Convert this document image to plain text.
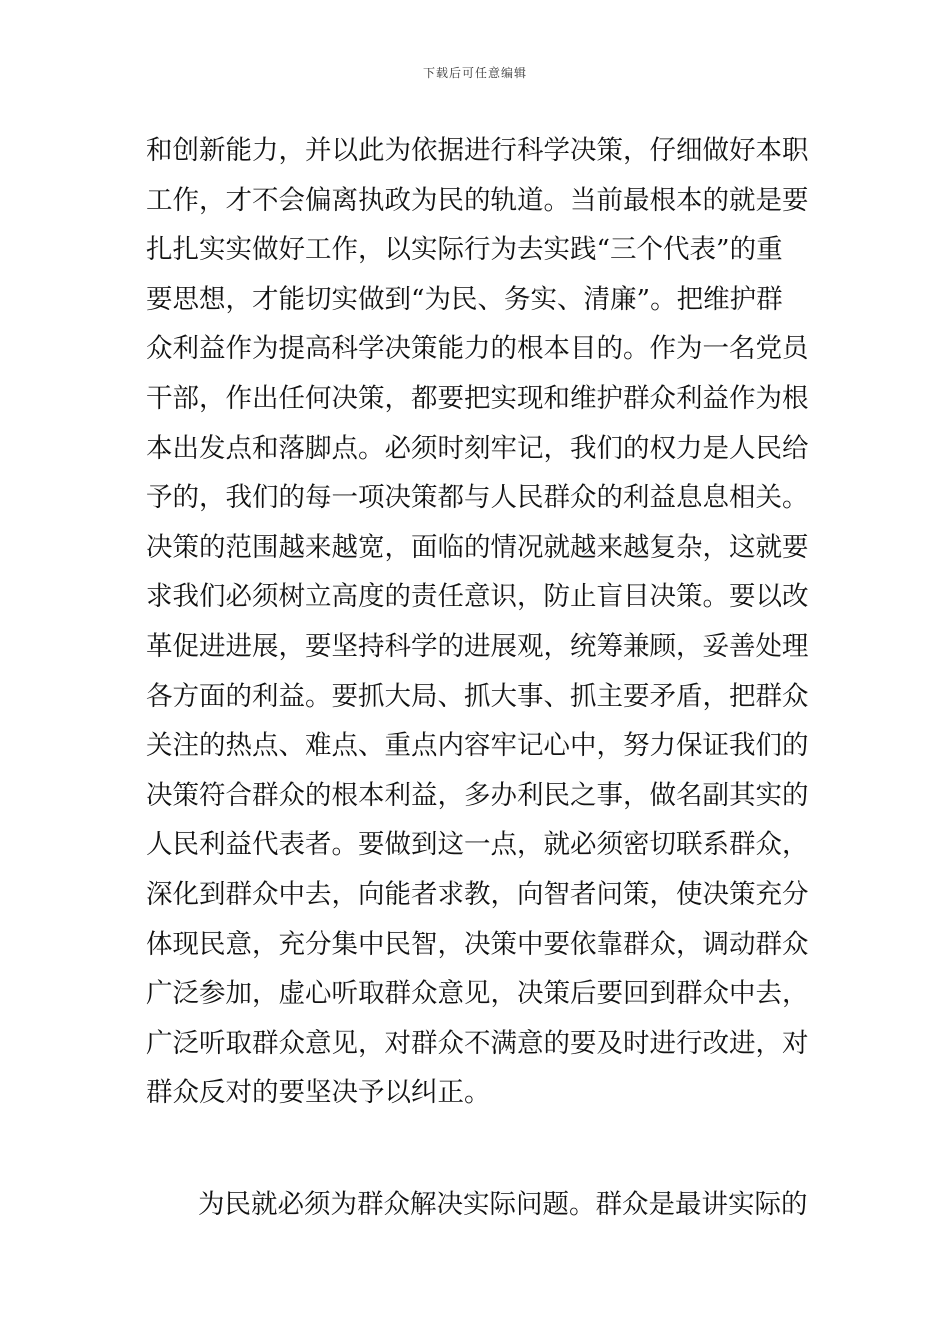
下载后可任意编辑
和创新能力，并以此为依据进行科学决策，仔细做好本职
工作，才不会偏离执政为民的轨道。当前最根本的就是要
扎扎实实做好工作，以实际行为去实践“三个代表”的重
要思想，才能切实做到“为民、务实、清廉”。把维护群
众利益作为提高科学决策能力的根本目的。作为一名党员
干部，作出任何决策，都要把实现和维护群众利益作为根
本出发点和落脚点。必须时刻牢记，我们的权力是人民给
予的，我们的每一项决策都与人民群众的利益息息相关。
决策的范围越来越宽，面临的情况就越来越复杂，这就要
求我们必须树立高度的责任意识，防止盲目决策。要以改
革促进进展，要坚持科学的进展观，统筹兼顾，妥善处理
各方面的利益。要抓大局、抓大事、抓主要矛盾，把群众
关注的热点、难点、重点内容牢记心中，努力保证我们的
决策符合群众的根本利益，多办利民之事，做名副其实的
人民利益代表者。要做到这一点，就必须密切联系群众，
深化到群众中去，向能者求教，向智者问策，使决策充分
体现民意，充分集中民智，决策中要依靠群众，调动群众
广泛参加，虚心听取群众意见，决策后要回到群众中去，
广泛听取群众意见，对群众不满意的要及时进行改进，对
群众反对的要坚决予以纠正。
为民就必须为群众解决实际问题。群众是最讲实际的
